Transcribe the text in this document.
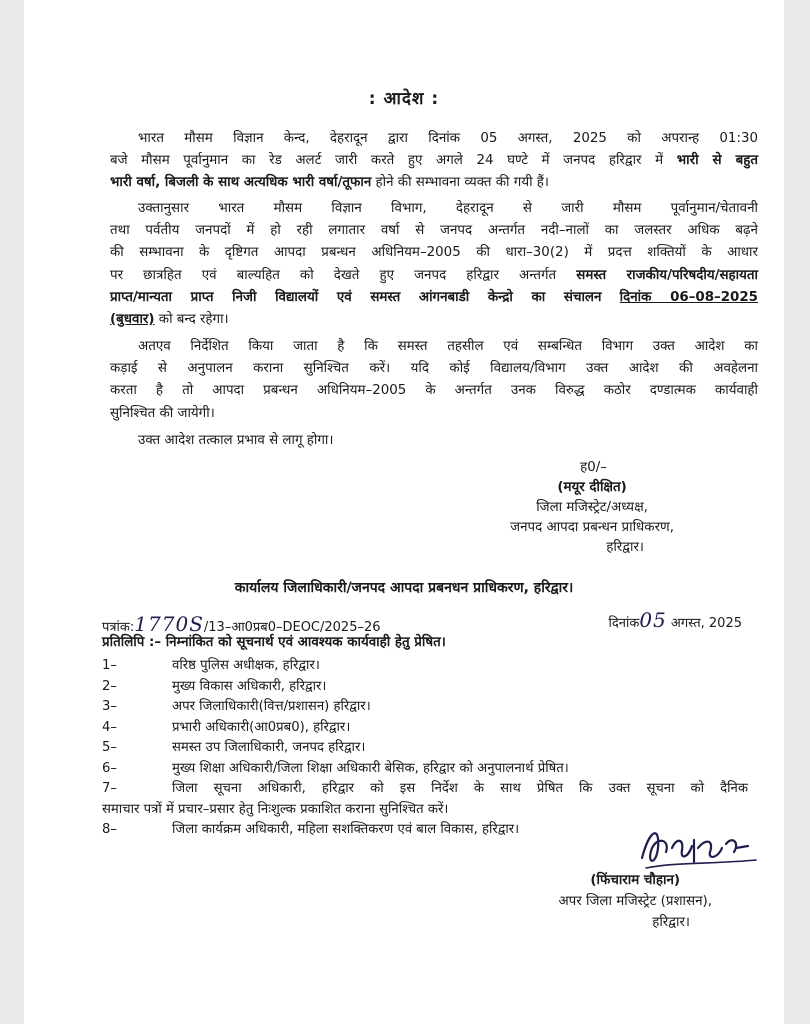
: आदेश :
भारत मौसम विज्ञान केन्द, देहरादून द्वारा दिनांक 05 अगस्त, 2025 को अपरान्ह 01:30
बजे मौसम पूर्वानुमान का रेड अलर्ट जारी करते हुए अगले 24 घण्टे में जनपद हरिद्वार में भारी से बहुत
भारी वर्षा, बिजली के साथ अत्यधिक भारी वर्षा/तूफान होने की सम्भावना व्यक्त की गयी हैं।
उक्तानुसार भारत मौसम विज्ञान विभाग, देहरादून से जारी मौसम पूर्वानुमान/चेतावनी
तथा पर्वतीय जनपदों में हो रही लगातार वर्षा से जनपद अन्तर्गत नदी–नालों का जलस्तर अधिक बढ़ने
की सम्भावना के दृष्टिगत आपदा प्रबन्धन अधिनियम–2005 की धारा–30(2) में प्रदत्त शक्तियों के आधार
पर छात्रहित एवं बाल्यहित को देखते हुए जनपद हरिद्वार अन्तर्गत समस्त राजकीय/परिषदीय/सहायता
प्राप्त/मान्यता प्राप्त निजी विद्यालयों एवं समस्त आंगनबाडी केन्द्रो का संचालन दिनांक 06–08–2025
(बुधवार) को बन्द रहेगा।
अतएव निर्देशित किया जाता है कि समस्त तहसील एवं सम्बन्धित विभाग उक्त आदेश का
कड़ाई से अनुपालन कराना सुनिश्चित करें। यदि कोई विद्यालय/विभाग उक्त आदेश की अवहेलना
करता है तो आपदा प्रबन्धन अधिनियम–2005 के अन्तर्गत उनक विरुद्ध कठोर दण्डात्मक कार्यवाही
सुनिश्चित की जायेगी।
उक्त आदेश तत्काल प्रभाव से लागू होगा।
ह0/–
(मयूर दीक्षित)
जिला मजिस्ट्रेट/अध्यक्ष,
जनपद आपदा प्रबन्धन प्राधिकरण,
हरिद्वार।
कार्यालय जिलाधिकारी/जनपद आपदा प्रबनधन प्राधिकरण, हरिद्वार।
पत्रांक:1770S/13–आ0प्रब0–DEOC/2025–26	दिनांक05 अगस्त, 2025
प्रतिलिपि :– निम्नांकित को सूचनार्थ एवं आवश्यक कार्यवाही हेतु प्रेषित।
1–	वरिष्ठ पुलिस अधीक्षक, हरिद्वार।
2–	मुख्य विकास अधिकारी, हरिद्वार।
3–	अपर जिलाधिकारी(वित्त/प्रशासन) हरिद्वार।
4–	प्रभारी अधिकारी(आ0प्रब0), हरिद्वार।
5–	समस्त उप जिलाधिकारी, जनपद हरिद्वार।
6–	मुख्य शिक्षा अधिकारी/जिला शिक्षा अधिकारी बेसिक, हरिद्वार को अनुपालनार्थ प्रेषित।
7–	जिला सूचना अधिकारी, हरिद्वार को इस निर्देश के साथ प्रेषित कि उक्त सूचना को दैनिक
समाचार पत्रों में प्रचार–प्रसार हेतु निःशुल्क प्रकाशित कराना सुनिश्चित करें।
8–	जिला कार्यक्रम अधिकारी, महिला सशक्तिकरण एवं बाल विकास, हरिद्वार।
(फिंचाराम चौहान)
अपर जिला मजिस्ट्रेट (प्रशासन),
हरिद्वार।
